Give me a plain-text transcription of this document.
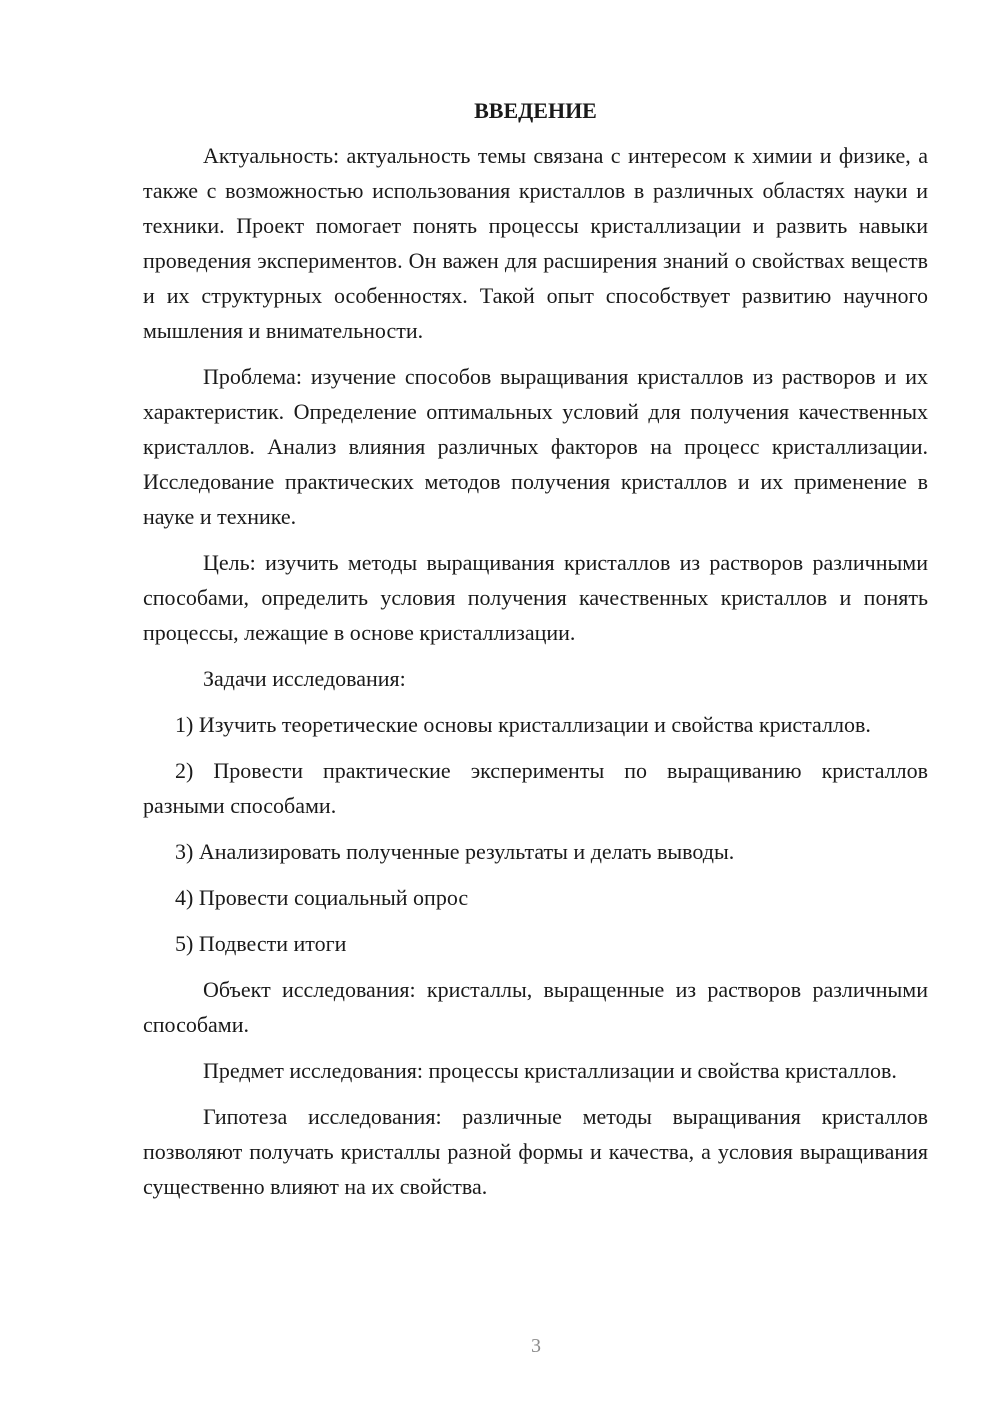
ВВЕДЕНИЕ

Актуальность: актуальность темы связана с интересом к химии и физике, а также с возможностью использования кристаллов в различных областях науки и техники. Проект помогает понять процессы кристаллизации и развить навыки проведения экспериментов. Он важен для расширения знаний о свойствах веществ и их структурных особенностях. Такой опыт способствует развитию научного мышления и внимательности.

Проблема: изучение способов выращивания кристаллов из растворов и их характеристик. Определение оптимальных условий для получения качественных кристаллов. Анализ влияния различных факторов на процесс кристаллизации. Исследование практических методов получения кристаллов и их применение в науке и технике.

Цель: изучить методы выращивания кристаллов из растворов различными способами, определить условия получения качественных кристаллов и понять процессы, лежащие в основе кристаллизации.

Задачи исследования:

1) Изучить теоретические основы кристаллизации и свойства кристаллов.

2) Провести практические эксперименты по выращиванию кристаллов разными способами.

3) Анализировать полученные результаты и делать выводы.

4) Провести социальный опрос

5) Подвести итоги

Объект исследования: кристаллы, выращенные из растворов различными способами.

Предмет исследования: процессы кристаллизации и свойства кристаллов.

Гипотеза исследования: различные методы выращивания кристаллов позволяют получать кристаллы разной формы и качества, а условия выращивания существенно влияют на их свойства.

3
